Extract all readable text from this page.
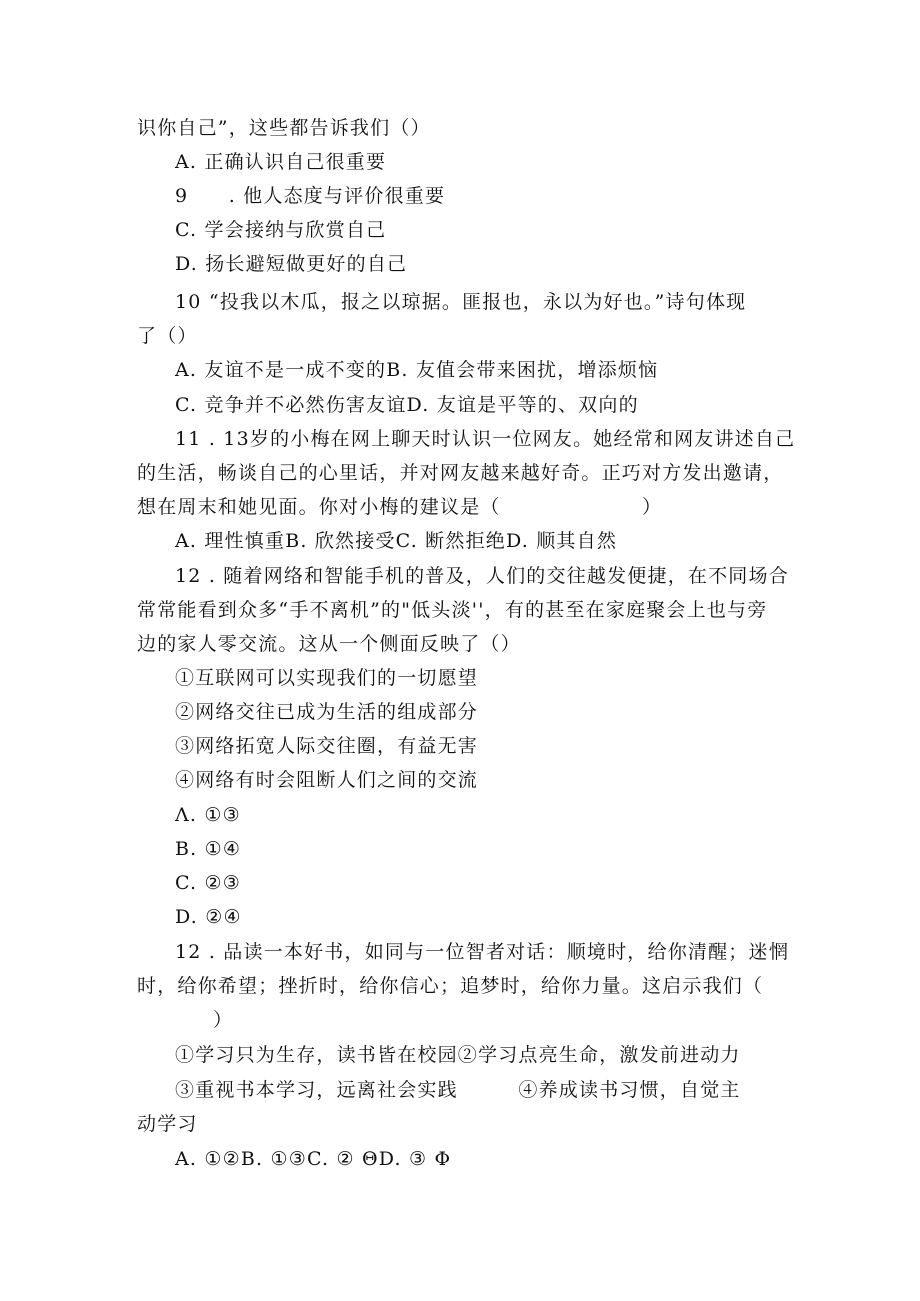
识你自己”，这些都告诉我们（）
A. 正确认识自己很重要
9　　. 他人态度与评价很重要
C. 学会接纳与欣赏自己
D. 扬长避短做更好的自己
10 “投我以木瓜，报之以琼据。匪报也，永以为好也。”诗句体现
了（）
A. 友谊不是一成不变的B. 友值会带来困扰，增添烦恼
C. 竞争并不必然伤害友谊D. 友谊是平等的、双向的
11 . 13岁的小梅在网上聊天时认识一位网友。她经常和网友讲述自己
的生活，畅谈自己的心里话，并对网友越来越好奇。正巧对方发出邀请，
想在周末和她见面。你对小梅的建议是（　　　　　　　）
A. 理性慎重B. 欣然接受C. 断然拒绝D. 顺其自然
12 . 随着网络和智能手机的普及，人们的交往越发便捷，在不同场合
常常能看到众多“手不离机”的"低头淡''，有的甚至在家庭聚会上也与旁
边的家人零交流。这从一个侧面反映了（）
①互联网可以实现我们的一切愿望
②网络交往已成为生活的组成部分
③网络拓宽人际交往圈，有益无害
④网络有时会阻断人们之间的交流
Λ. ①③
B. ①④
C. ②③
D. ②④
12 . 品读一本好书，如同与一位智者对话：顺境时，给你清醒；迷惘
时，给你希望；挫折时，给你信心；追梦时，给你力量。这启示我们（
）
①学习只为生存，读书皆在校园②学习点亮生命，激发前进动力
③重视书本学习，远离社会实践　　　④养成读书习惯，自觉主
动学习
A. ①②B. ①③C. ② ΘD. ③ Φ
